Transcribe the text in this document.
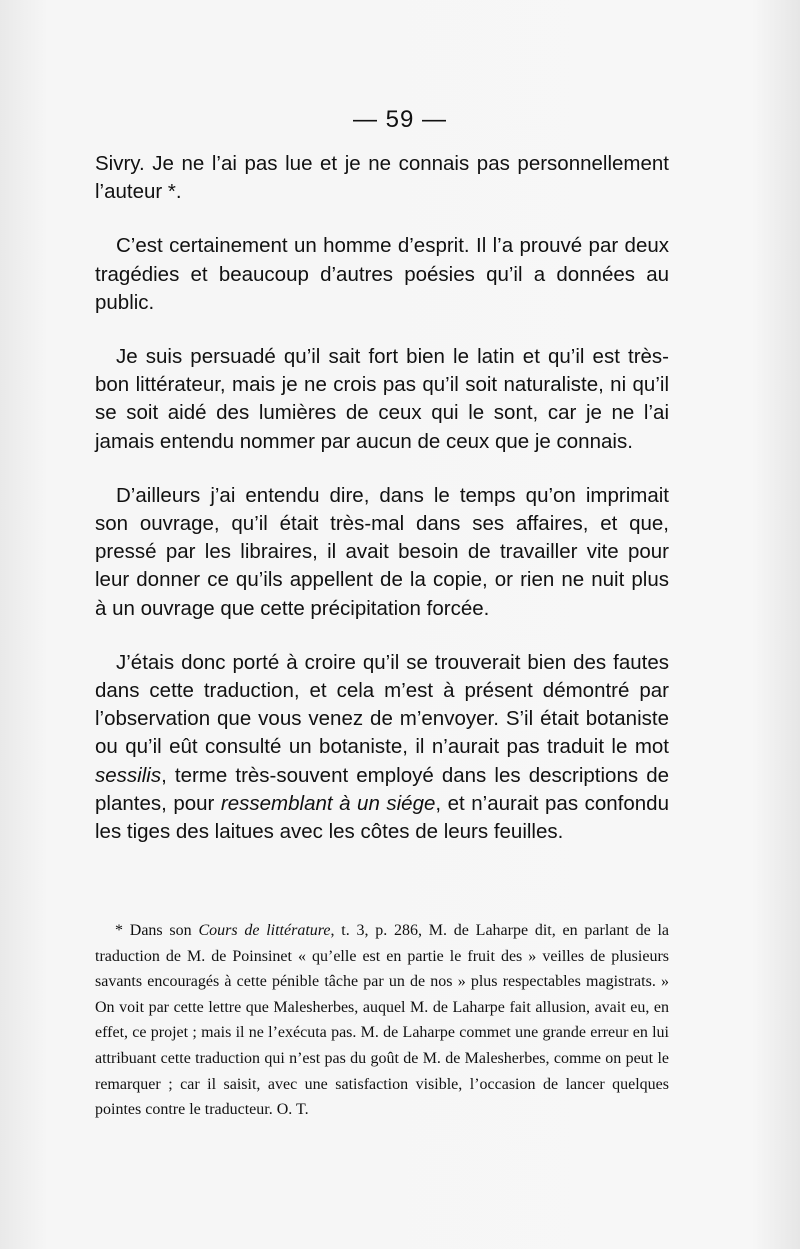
— 59 —

Sivry. Je ne l’ai pas lue et je ne connais pas personnellement l’auteur *.

C’est certainement un homme d’esprit. Il l’a prouvé par deux tragédies et beaucoup d’autres poésies qu’il a données au public.

Je suis persuadé qu’il sait fort bien le latin et qu’il est très-bon littérateur, mais je ne crois pas qu’il soit naturaliste, ni qu’il se soit aidé des lumières de ceux qui le sont, car je ne l’ai jamais entendu nommer par aucun de ceux que je connais.

D’ailleurs j’ai entendu dire, dans le temps qu’on imprimait son ouvrage, qu’il était très-mal dans ses affaires, et que, pressé par les libraires, il avait besoin de travailler vite pour leur donner ce qu’ils appellent de la copie, or rien ne nuit plus à un ouvrage que cette précipitation forcée.

J’étais donc porté à croire qu’il se trouverait bien des fautes dans cette traduction, et cela m’est à présent démontré par l’observation que vous venez de m’envoyer. S’il était botaniste ou qu’il eût consulté un botaniste, il n’aurait pas traduit le mot sessilis, terme très-souvent employé dans les descriptions de plantes, pour ressemblant à un siége, et n’aurait pas confondu les tiges des laitues avec les côtes de leurs feuilles.

* Dans son Cours de littérature, t. 3, p. 286, M. de Laharpe dit, en parlant de la traduction de M. de Poinsinet « qu’elle est en partie le fruit des » veilles de plusieurs savants encouragés à cette pénible tâche par un de nos » plus respectables magistrats. » On voit par cette lettre que Malesherbes, auquel M. de Laharpe fait allusion, avait eu, en effet, ce projet ; mais il ne l’exécuta pas. M. de Laharpe commet une grande erreur en lui attribuant cette traduction qui n’est pas du goût de M. de Malesherbes, comme on peut le remarquer ; car il saisit, avec une satisfaction visible, l’occasion de lancer quelques pointes contre le traducteur. O. T.
